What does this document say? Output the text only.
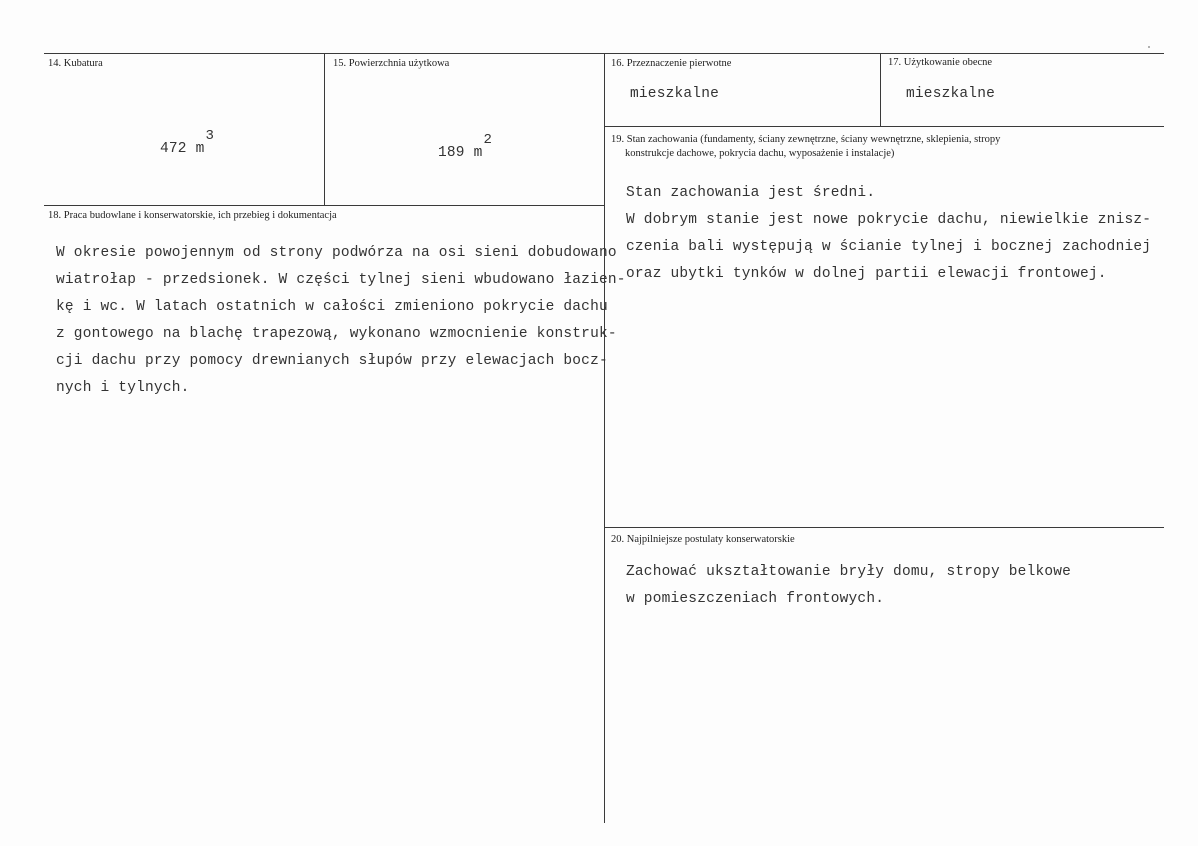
14. Kubatura
472 m3
15. Powierzchnia użytkowa
189 m2
16. Przeznaczenie pierwotne
mieszkalne
17. Użytkowanie obecne
mieszkalne
18. Praca budowlane i konserwatorskie, ich przebieg i dokumentacja
W okresie powojennym od strony podwórza na osi sieni dobudowano
wiatrołap - przedsionek. W części tylnej sieni wbudowano łazien-
kę i wc. W latach ostatnich w całości zmieniono pokrycie dachu
z gontowego na blachę trapezową, wykonano wzmocnienie konstruk-
cji dachu przy pomocy drewnianych słupów przy elewacjach bocz-
nych i tylnych.
19. Stan zachowania (fundamenty, ściany zewnętrzne, ściany wewnętrzne, sklepienia, stropy
konstrukcje dachowe, pokrycia dachu, wyposażenie i instalacje)
Stan zachowania jest średni.
W dobrym stanie jest nowe pokrycie dachu, niewielkie znisz-
czenia bali występują w ścianie tylnej i bocznej zachodniej
oraz ubytki tynków w dolnej partii elewacji frontowej.
20. Najpilniejsze postulaty konserwatorskie
Zachować ukształtowanie bryły domu, stropy belkowe
w pomieszczeniach frontowych.
